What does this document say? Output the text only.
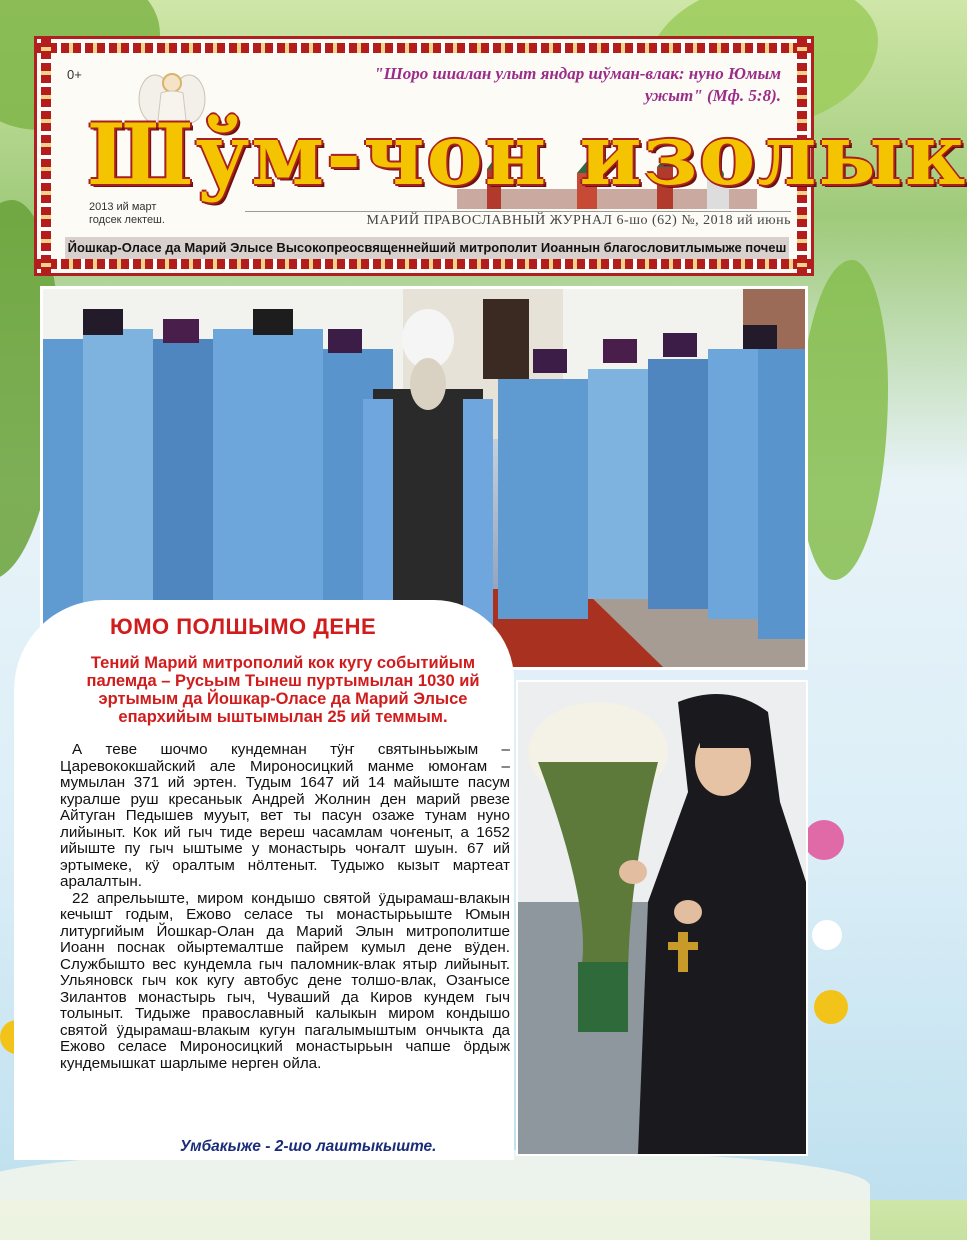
0+	"Шоро шиалан улыт яндар шўман-влак: нуно Юмым ужыт" (Мф. 5:8).
Шўм-чон изолык
2013 ий март
годсек лектеш.	МАРИЙ ПРАВОСЛАВНЫЙ ЖУРНАЛ 6-шо (62) №, 2018 ий июнь
Йошкар-Оласе да Марий Элысе Высокопреосвященнейший митрополит Иоаннын благословитлымыже почеш
ЮМО ПОЛШЫМО ДЕНЕ
Тений Марий митрополий кок кугу событийым палемда – Русьым Тынеш пуртымылан 1030 ий эртымым да Йошкар-Оласе да Марий Элысе епархийым ыштымылан 25 ий теммым.

А теве шочмо кундемнан тӱҥ святыньыжым – Царевококшайский але Мироносицкий манме юмоҥам – мумылан 371 ий эртен. Тудым 1647 ий 14 майыште пасум куралше руш кресаньык Андрей Жолнин ден марий рвезе Айтуган Педышев мууыт, вет ты пасун озаже тунам нуно лийыныт. Кок ий гыч тиде вереш часамлам чоҥеныт, а 1652 ийыште пу гыч ыштыме у монастырь чоҥалт шуын. 67 ий эртымеке, кӱ оралтым нӧлтеныт. Тудыжо кызыт мартеат аралалтын.

22 апрельыште, миром кондышо святой ӱдырамаш-влакын кечышт годым, Ежово селасе ты монастырьыште Юмын литургийым Йошкар-Олан да Марий Элын митрополитше Иоанн поснак ойыртемалтше пайрем кумыл дене вӱден. Службышто вес кундемла гыч паломник-влак ятыр лийыныт. Ульяновск гыч кок кугу автобус дене толшо-влак, Озаҥысе Зилантов монастырь гыч, Чуваший да Киров кундем гыч толыныт. Тидыже православный калыкын миром кондышо святой ӱдырамаш-влакым кугун пагалымыштым ончыкта да Ежово селасе Мироносицкий монастырьын чапше ӧрдыж кундемышкат шарлыме нерген ойла.

Умбакыже - 2-шо лаштыкыште.
